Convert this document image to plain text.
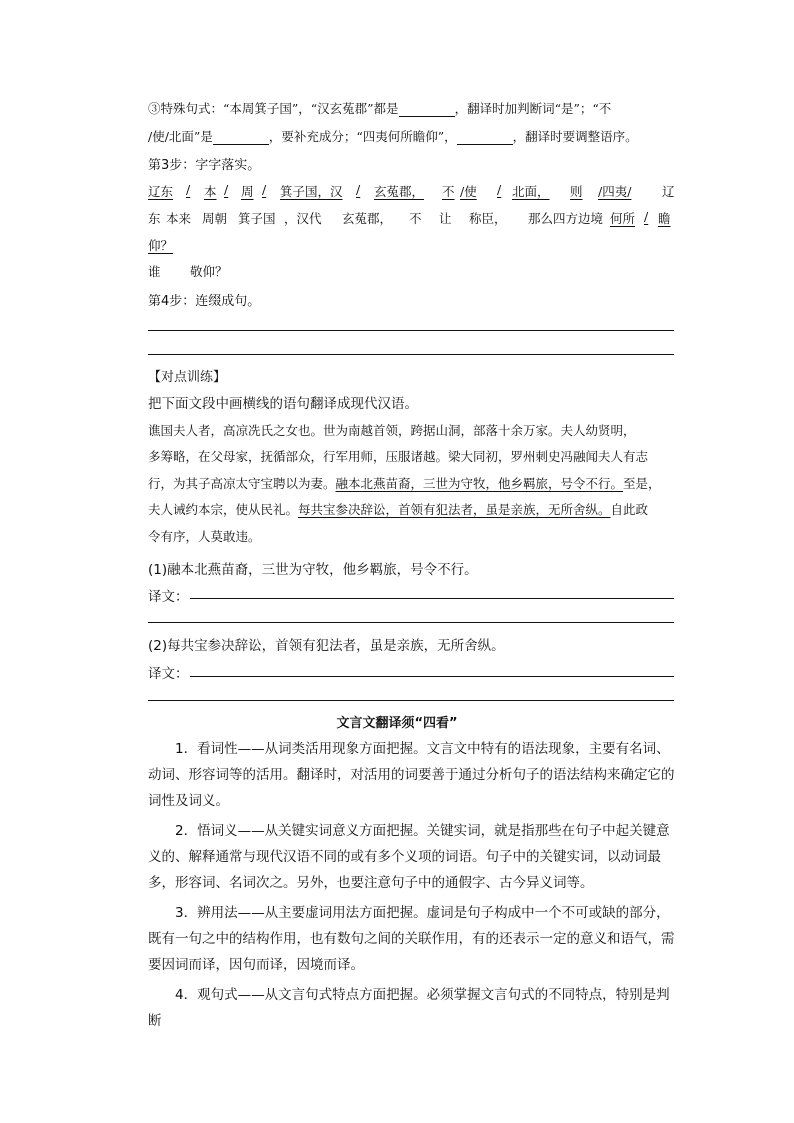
③特殊句式：“本周箕子国”，“汉玄菟郡”都是	，翻译时加判断词“是”；“不
/使/北面”是	，要补充成分；“四夷何所瞻仰”，	，翻译时要调整语序。
第3步：字字落实。
辽东 / 本 / 周 / 箕子国，汉 / 玄菟郡， 不 /使 / 北面， 则 /四夷/ 辽
东 本来 周朝 箕子国 ，汉代 玄菟郡， 不 让 称臣， 那么四方边境 何所 / 瞻
仰？
谁 敬仰？
第4步：连缀成句。
【对点训练】
把下面文段中画横线的语句翻译成现代汉语。
谯国夫人者，高凉冼氏之女也。世为南越首领，跨据山洞，部落十余万家。夫人幼贤明，
多筹略，在父母家，抚循部众，行军用师，压服诸越。梁大同初，罗州刺史冯融闻夫人有志
行，为其子高凉太守宝聘以为妻。融本北燕苗裔，三世为守牧，他乡羁旅，号令不行。至是，
夫人诫约本宗，使从民礼。每共宝参决辞讼，首领有犯法者，虽是亲族，无所舍纵。自此政
令有序，人莫敢违。
(1)融本北燕苗裔，三世为守牧，他乡羁旅，号令不行。
译文：
(2)每共宝参决辞讼，首领有犯法者，虽是亲族，无所舍纵。
译文：
文言文翻译须“四看”
1．看词性——从词类活用现象方面把握。文言文中特有的语法现象，主要有名词、动词、形容词等的活用。翻译时，对活用的词要善于通过分析句子的语法结构来确定它的词性及词义。
2．悟词义——从关键实词意义方面把握。关键实词，就是指那些在句子中起关键意义的、解释通常与现代汉语不同的或有多个义项的词语。句子中的关键实词，以动词最多，形容词、名词次之。另外，也要注意句子中的通假字、古今异义词等。
3．辨用法——从主要虚词用法方面把握。虚词是句子构成中一个不可或缺的部分，既有一句之中的结构作用，也有数句之间的关联作用，有的还表示一定的意义和语气，需要因词而译，因句而译，因境而译。
4．观句式——从文言句式特点方面把握。必须掌握文言句式的不同特点，特别是判断
